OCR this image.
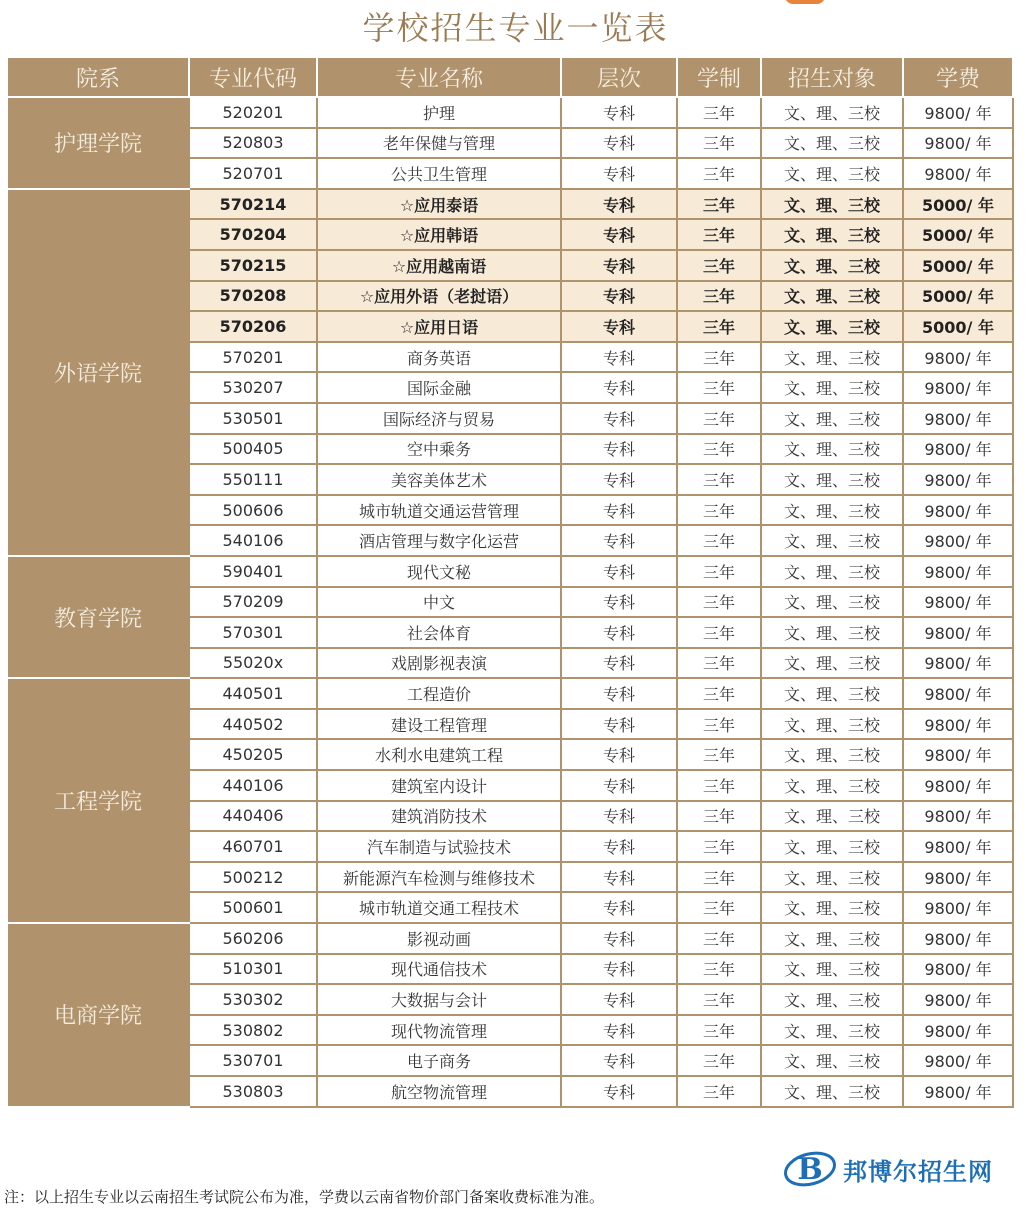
学校招生专业一览表
院系	专业代码	专业名称	层次	学制	招生对象	学费
护理学院	520201	护理	专科	三年	文、理、三校	9800/ 年
	520803	老年保健与管理	专科	三年	文、理、三校	9800/ 年
	520701	公共卫生管理	专科	三年	文、理、三校	9800/ 年
外语学院	570214	☆应用泰语	专科	三年	文、理、三校	5000/ 年
	570204	☆应用韩语	专科	三年	文、理、三校	5000/ 年
	570215	☆应用越南语	专科	三年	文、理、三校	5000/ 年
	570208	☆应用外语（老挝语）	专科	三年	文、理、三校	5000/ 年
	570206	☆应用日语	专科	三年	文、理、三校	5000/ 年
	570201	商务英语	专科	三年	文、理、三校	9800/ 年
	530207	国际金融	专科	三年	文、理、三校	9800/ 年
	530501	国际经济与贸易	专科	三年	文、理、三校	9800/ 年
	500405	空中乘务	专科	三年	文、理、三校	9800/ 年
	550111	美容美体艺术	专科	三年	文、理、三校	9800/ 年
	500606	城市轨道交通运营管理	专科	三年	文、理、三校	9800/ 年
	540106	酒店管理与数字化运营	专科	三年	文、理、三校	9800/ 年
教育学院	590401	现代文秘	专科	三年	文、理、三校	9800/ 年
	570209	中文	专科	三年	文、理、三校	9800/ 年
	570301	社会体育	专科	三年	文、理、三校	9800/ 年
	55020x	戏剧影视表演	专科	三年	文、理、三校	9800/ 年
工程学院	440501	工程造价	专科	三年	文、理、三校	9800/ 年
	440502	建设工程管理	专科	三年	文、理、三校	9800/ 年
	450205	水利水电建筑工程	专科	三年	文、理、三校	9800/ 年
	440106	建筑室内设计	专科	三年	文、理、三校	9800/ 年
	440406	建筑消防技术	专科	三年	文、理、三校	9800/ 年
	460701	汽车制造与试验技术	专科	三年	文、理、三校	9800/ 年
	500212	新能源汽车检测与维修技术	专科	三年	文、理、三校	9800/ 年
	500601	城市轨道交通工程技术	专科	三年	文、理、三校	9800/ 年
电商学院	560206	影视动画	专科	三年	文、理、三校	9800/ 年
	510301	现代通信技术	专科	三年	文、理、三校	9800/ 年
	530302	大数据与会计	专科	三年	文、理、三校	9800/ 年
	530802	现代物流管理	专科	三年	文、理、三校	9800/ 年
	530701	电子商务	专科	三年	文、理、三校	9800/ 年
	530803	航空物流管理	专科	三年	文、理、三校	9800/ 年
注：以上招生专业以云南招生考试院公布为准，学费以云南省物价部门备案收费标准为准。
B 邦博尔招生网
